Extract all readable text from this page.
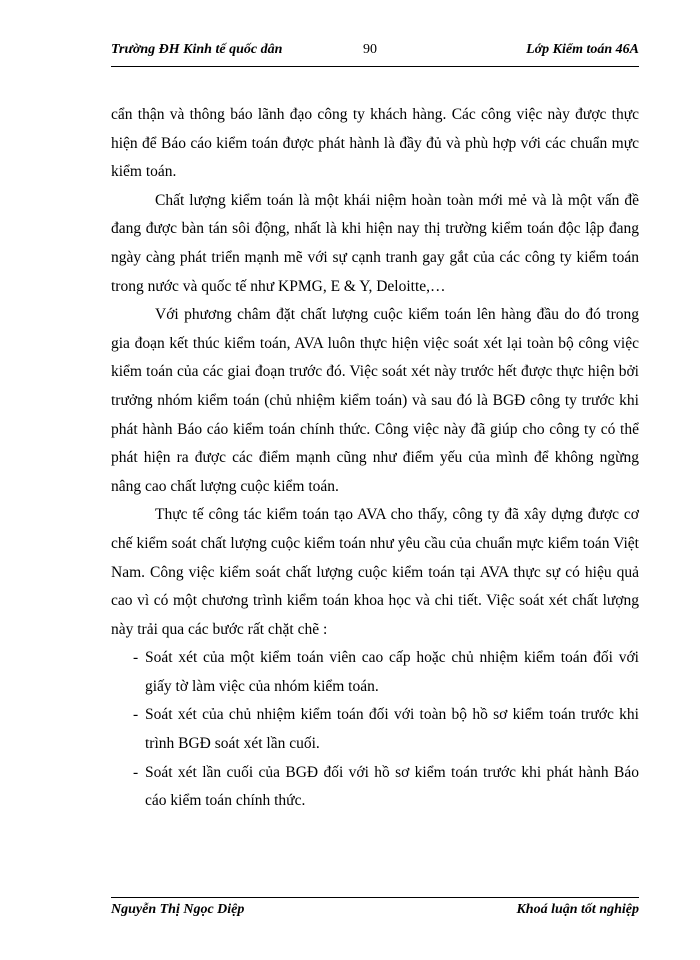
Trường ĐH Kinh tế quốc dân	90	Lớp Kiểm toán 46A

cẩn thận và thông báo lãnh đạo công ty khách hàng. Các công việc này được thực hiện để Báo cáo kiểm toán được phát hành là đầy đủ và phù hợp với các chuẩn mực kiểm toán.

Chất lượng kiểm toán là một khái niệm hoàn toàn mới mẻ và là một vấn đề đang được bàn tán sôi động, nhất là khi hiện nay thị trường kiểm toán độc lập đang ngày càng phát triển mạnh mẽ với sự cạnh tranh gay gắt của các công ty kiểm toán trong nước và quốc tế như KPMG, E & Y, Deloitte,…

Với phương châm đặt chất lượng cuộc kiểm toán lên hàng đầu do đó trong gia đoạn kết thúc kiểm toán, AVA luôn thực hiện việc soát xét lại toàn bộ công việc kiểm toán của các giai đoạn trước đó. Việc soát xét này trước hết được thực hiện bởi trưởng nhóm kiểm toán (chủ nhiệm kiểm toán) và sau đó là BGĐ công ty trước khi phát hành Báo cáo kiểm toán chính thức. Công việc này đã giúp cho công ty có thể phát hiện ra được các điểm mạnh cũng như điểm yếu của mình để không ngừng nâng cao chất lượng cuộc kiểm toán.

Thực tế công tác kiểm toán tạo AVA cho thấy, công ty đã xây dựng được cơ chế kiểm soát chất lượng cuộc kiểm toán như yêu cầu của chuẩn mực kiểm toán Việt Nam. Công việc kiểm soát chất lượng cuộc kiểm toán tại AVA thực sự có hiệu quả cao vì có một chương trình kiểm toán khoa học và chi tiết. Việc soát xét chất lượng này trải qua các bước rất chặt chẽ :

- Soát xét của một kiểm toán viên cao cấp hoặc chủ nhiệm kiểm toán đối với giấy tờ làm việc của nhóm kiểm toán.
- Soát xét của chủ nhiệm kiểm toán đối với toàn bộ hồ sơ kiểm toán trước khi trình BGĐ soát xét lần cuối.
- Soát xét lần cuối của BGĐ đối với hồ sơ kiểm toán trước khi phát hành Báo cáo kiểm toán chính thức.
Nguyễn Thị Ngọc Diệp	Khoá luận tốt nghiệp
